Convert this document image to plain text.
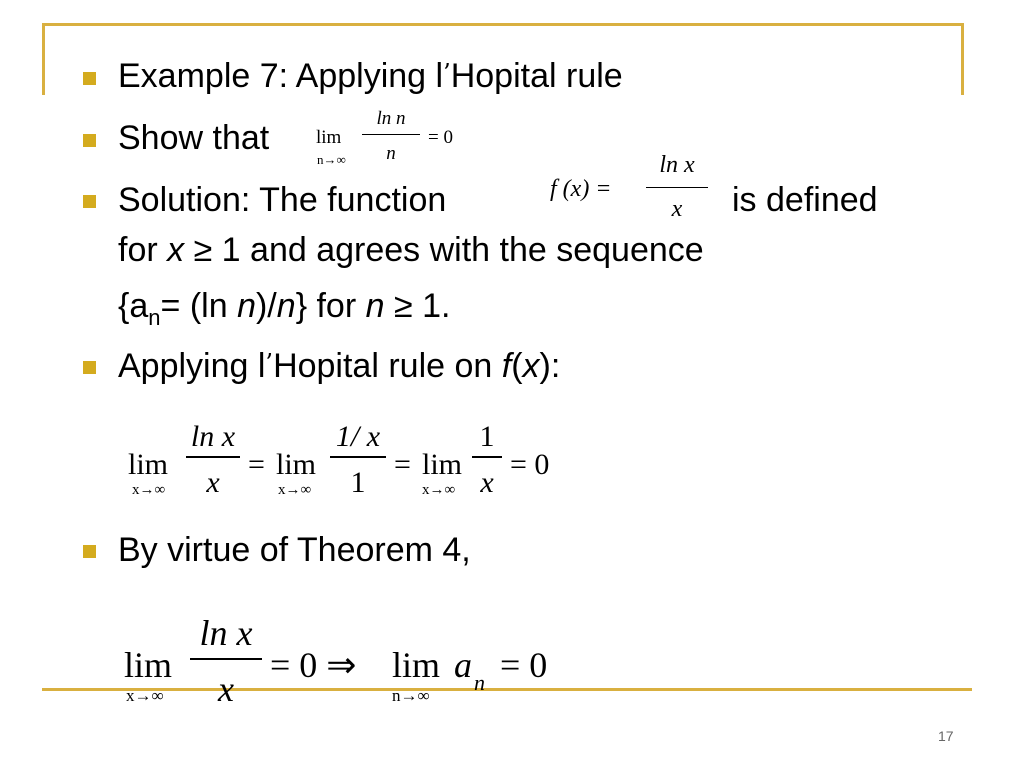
Example 7: Applying l’Hopital rule
Show that lim
n→∞
ln n
n
= 0
Solution: The function	f (x) =
ln x
x	is defined
for x ≥ 1 and agrees with the sequence
{$a_n= (\ln$ n)/n} for n ≥ 1.
Applying l’Hopital rule on f(x):
lim
x→∞
ln x
x
= lim
x→∞
1/ x
1
= lim
x→∞
1
x
= 0
By virtue of Theorem 4,
lim
x→∞
ln x
x
= 0 ⇒ lim
n→∞
a n = 0
17
